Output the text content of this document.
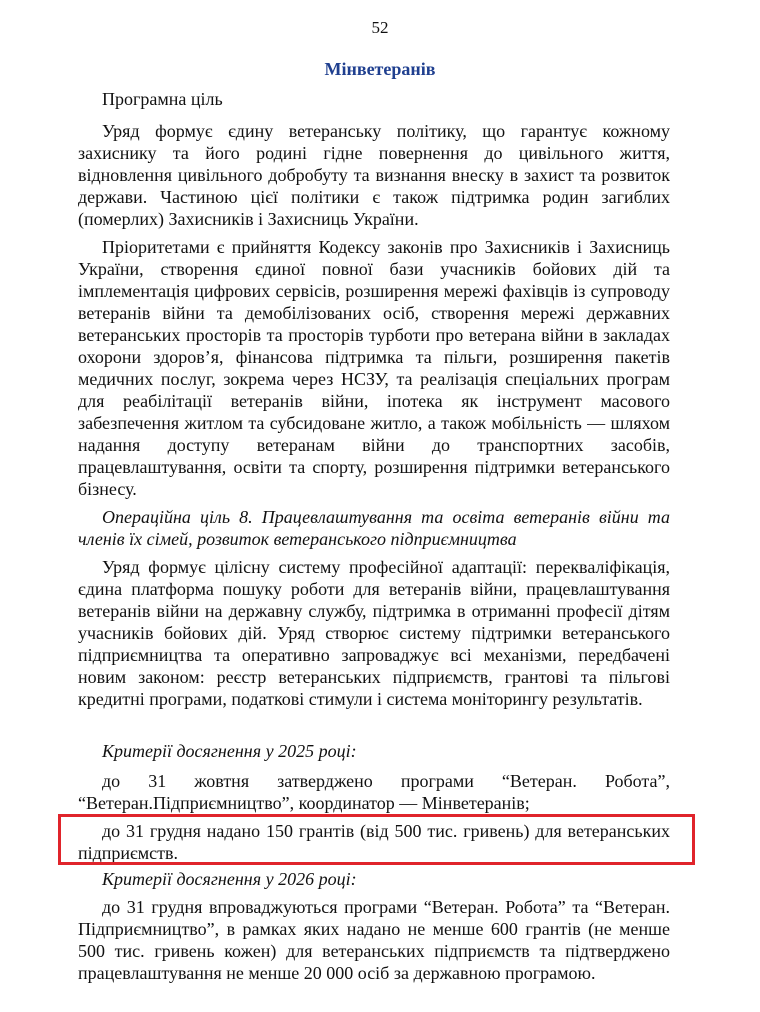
52
Мінветеранів

Програмна ціль

Уряд формує єдину ветеранську політику, що гарантує кожному захиснику та його родині гідне повернення до цивільного життя, відновлення цивільного добробуту та визнання внеску в захист та розвиток держави. Частиною цієї політики є також підтримка родин загиблих (померлих) Захисників і Захисниць України.

Пріоритетами є прийняття Кодексу законів про Захисників і Захисниць України, створення єдиної повної бази учасників бойових дій та імплементація цифрових сервісів, розширення мережі фахівців із супроводу ветеранів війни та демобілізованих осіб, створення мережі державних ветеранських просторів та просторів турботи про ветерана війни в закладах охорони здоров’я, фінансова підтримка та пільги, розширення пакетів медичних послуг, зокрема через НСЗУ, та реалізація спеціальних програм для реабілітації ветеранів війни, іпотека як інструмент масового забезпечення житлом та субсидоване житло, а також мобільність — шляхом надання доступу ветеранам війни до транспортних засобів, працевлаштування, освіти та спорту, розширення підтримки ветеранського бізнесу.

Операційна ціль 8. Працевлаштування та освіта ветеранів війни та членів їх сімей, розвиток ветеранського підприємництва

Уряд формує цілісну систему професійної адаптації: перекваліфікація, єдина платформа пошуку роботи для ветеранів війни, працевлаштування ветеранів війни на державну службу, підтримка в отриманні професії дітям учасників бойових дій. Уряд створює систему підтримки ветеранського підприємництва та оперативно запроваджує всі механізми, передбачені новим законом: реєстр ветеранських підприємств, грантові та пільгові кредитні програми, податкові стимули і система моніторингу результатів.

Критерії досягнення у 2025 році:

до 31 жовтня затверджено програми “Ветеран. Робота”, “Ветеран.Підприємництво”, координатор — Мінветеранів;

до 31 грудня надано 150 грантів (від 500 тис. гривень) для ветеранських підприємств.

Критерії досягнення у 2026 році:

до 31 грудня впроваджуються програми “Ветеран. Робота” та “Ветеран. Підприємництво”, в рамках яких надано не менше 600 грантів (не менше 500 тис. гривень кожен) для ветеранських підприємств та підтверджено працевлаштування не менше 20 000 осіб за державною програмою.
